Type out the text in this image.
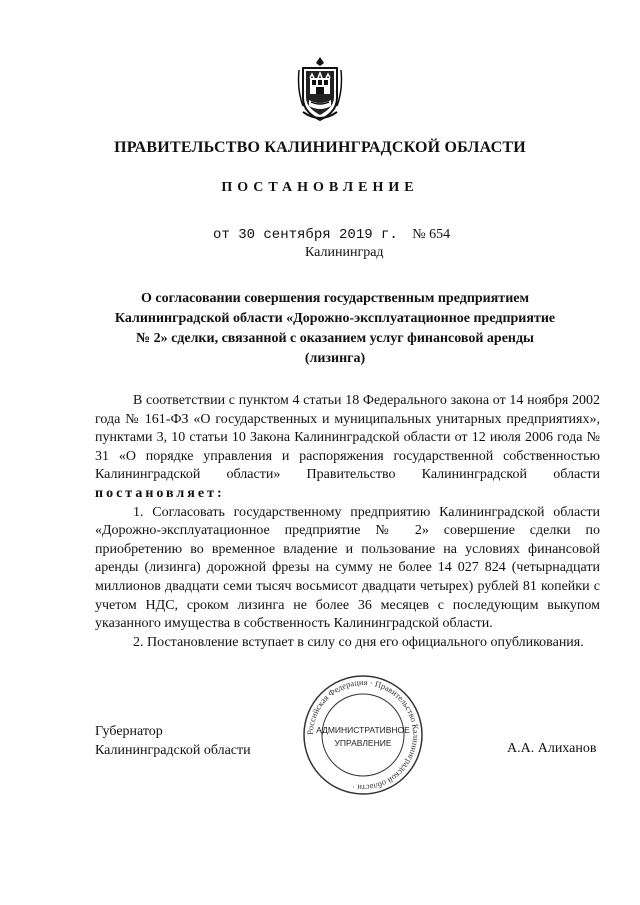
ПРАВИТЕЛЬСТВО КАЛИНИНГРАДСКОЙ ОБЛАСТИ
ПОСТАНОВЛЕНИЕ
от 30 сентября 2019 г. № 654
Калининград
О согласовании совершения государственным предприятием Калининградской области «Дорожно-эксплуатационное предприятие № 2» сделки, связанной с оказанием услуг финансовой аренды (лизинга)

В соответствии с пунктом 4 статьи 18 Федерального закона от 14 ноября 2002 года № 161-ФЗ «О государственных и муниципальных унитарных предприятиях», пунктами 3, 10 статьи 10 Закона Калининградской области от 12 июля 2006 года № 31 «О порядке управления и распоряжения государственной собственностью Калининградской области» Правительство Калининградской области постановляет:

1. Согласовать государственному предприятию Калининградской области «Дорожно-эксплуатационное предприятие № 2» совершение сделки по приобретению во временное владение и пользование на условиях финансовой аренды (лизинга) дорожной фрезы на сумму не более 14 027 824 (четырнадцати миллионов двадцати семи тысяч восьмисот двадцати четырех) рублей 81 копейки с учетом НДС, сроком лизинга не более 36 месяцев с последующим выкупом указанного имущества в собственность Калининградской области.

2. Постановление вступает в силу со дня его официального опубликования.

Губернатор
Калининградской области
Российская Федерация · Правительство Калининградской области ·
АДМИНИСТРАТИВНОЕ
УПРАВЛЕНИЕ	А.А. Алиханов
